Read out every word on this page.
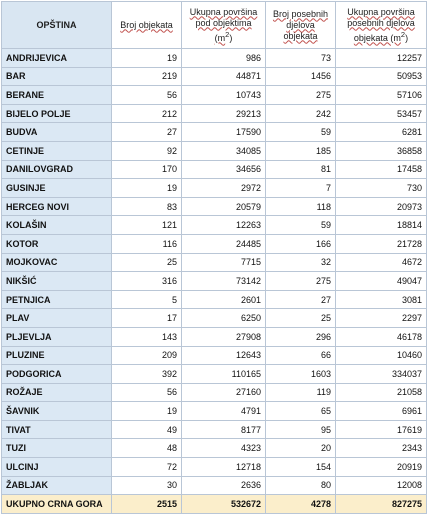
OPŠTINA	Broj objekata	Ukupna površina pod objektima $(m^2)$	Broj posebnih djelova objekata	Ukupna površina posebnih djelova objekata $(m^2)$
ANDRIJEVICA	19	986	73	12257
BAR	219	44871	1456	50953
BERANE	56	10743	275	57106
BIJELO POLJE	212	29213	242	53457
BUDVA	27	17590	59	6281
CETINJE	92	34085	185	36858
DANILOVGRAD	170	34656	81	17458
GUSINJE	19	2972	7	730
HERCEG NOVI	83	20579	118	20973
KOLAŠIN	121	12263	59	18814
KOTOR	116	24485	166	21728
MOJKOVAC	25	7715	32	4672
NIKŠIĆ	316	73142	275	49047
PETNJICA	5	2601	27	3081
PLAV	17	6250	25	2297
PLJEVLJA	143	27908	296	46178
PLUZINE	209	12643	66	10460
PODGORICA	392	110165	1603	334037
ROŽAJE	56	27160	119	21058
ŠAVNIK	19	4791	65	6961
TIVAT	49	8177	95	17619
TUZI	48	4323	20	2343
ULCINJ	72	12718	154	20919
ŽABLJAK	30	2636	80	12008
UKUPNO CRNA GORA	2515	532672	4278	827275
